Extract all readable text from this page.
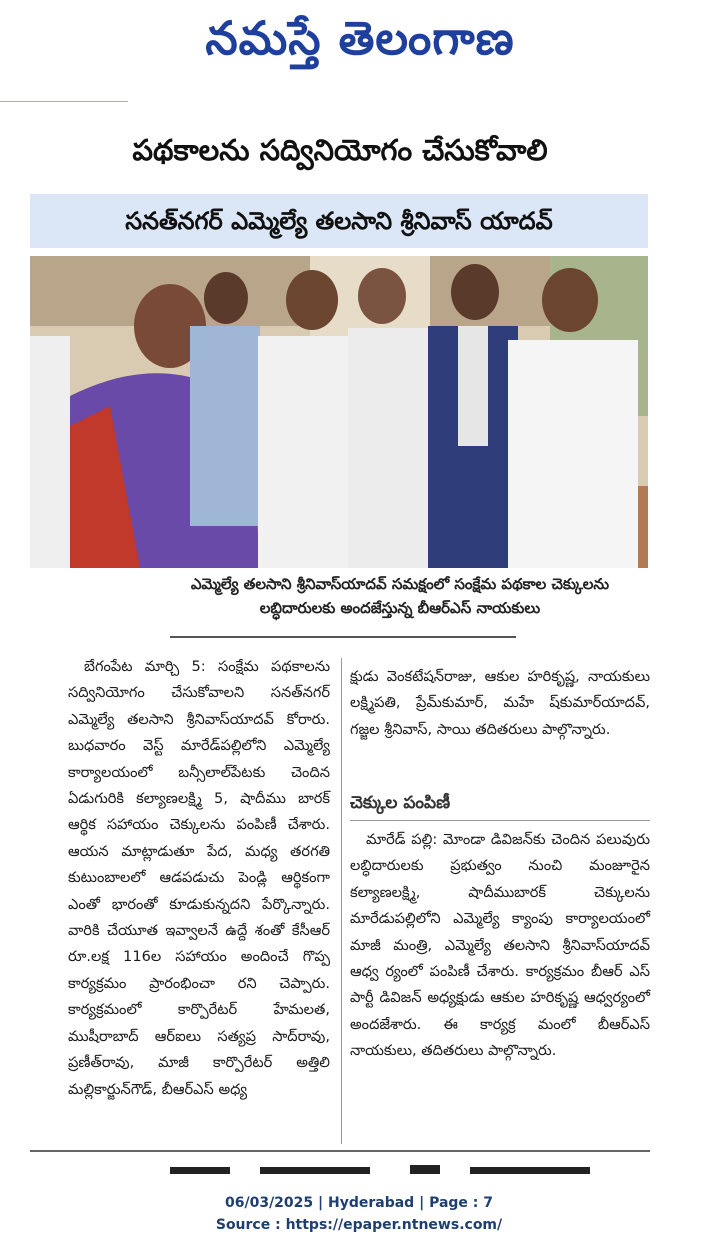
నమస్తే తెలంగాణ
పథకాలను సద్వినియోగం చేసుకోవాలి
సనత్‌నగర్ ఎమ్మెల్యే తలసాని శ్రీనివాస్ యాదవ్
ఎమ్మెల్యే తలసాని శ్రీనివాస్‌యాదవ్ సమక్షంలో సంక్షేమ పథకాల చెక్కులను లబ్ధిదారులకు అందజేస్తున్న బీఆర్‌ఎస్ నాయకులు

బేగంపేట మార్చి 5: సంక్షేమ పథకాలను సద్వినియోగం చేసుకోవాలని సనత్‌నగర్ ఎమ్మెల్యే తలసాని శ్రీనివాస్‌యాదవ్ కోరారు. బుధవారం వెస్ట్ మారేడ్‌పల్లిలోని ఎమ్మెల్యే కార్యాలయంలో బన్సీలాల్‌పేటకు చెందిన ఏడుగురికి కల్యాణలక్ష్మి 5, షాదీము బారక్ ఆర్థిక సహాయం చెక్కులను పంపిణీ చేశారు. ఆయన మాట్లాడుతూ పేద, మధ్య తరగతి కుటుంబాలలో ఆడపడుచు పెండ్లి ఆర్థికంగా ఎంతో భారంతో కూడుకున్నదని పేర్కొన్నారు. వారికి చేయూత ఇవ్వాలనే ఉద్దే శంతో కేసీఆర్ రూ.లక్ష 116ల సహాయం అందించే గొప్ప కార్యక్రమం ప్రారంభించా రని చెప్పారు. కార్యక్రమంలో కార్పొరేటర్ హేమలత, ముషీరాబాద్ ఆర్‌ఐలు సత్యప్ర సాద్‌రావు, ప్రణీత్‌రావు, మాజీ కార్పొరేటర్ అత్తిలి మల్లికార్జున్‌గౌడ్, బీఆర్‌ఎస్ అధ్య

క్షుడు వెంకటేషన్‌రాజు, ఆకుల హరికృష్ణ, నాయకులు లక్ష్మిపతి, ప్రేమ్‌కుమార్, మహే ష్‌కుమార్‌యాదవ్, గజ్జల శ్రీనివాస్, సాయి తదితరులు పాల్గొన్నారు.
చెక్కుల పంపిణీ
మారేడ్ పల్లి: మోండా డివిజన్‌కు చెందిన పలువురు లబ్ధిదారులకు ప్రభుత్వం నుంచి మంజూరైన కల్యాణలక్ష్మి, షాదీముబారక్ చెక్కులను మారేడుపల్లిలోని ఎమ్మెల్యే క్యాంపు కార్యాలయంలో మాజీ మంత్రి, ఎమ్మెల్యే తలసాని శ్రీనివాస్‌యాదవ్ ఆధ్వ ర్యంలో పంపిణీ చేశారు. కార్యక్రమం బీఆర్ ఎస్ పార్టీ డివిజన్ అధ్యక్షుడు ఆకుల హరికృష్ణ ఆధ్వర్యంలో అందజేశారు. ఈ కార్యక్ర మంలో బీఆర్‌ఎస్ నాయకులు, తదితరులు పాల్గొన్నారు.
06/03/2025 | Hyderabad | Page : 7
Source : https://epaper.ntnews.com/
